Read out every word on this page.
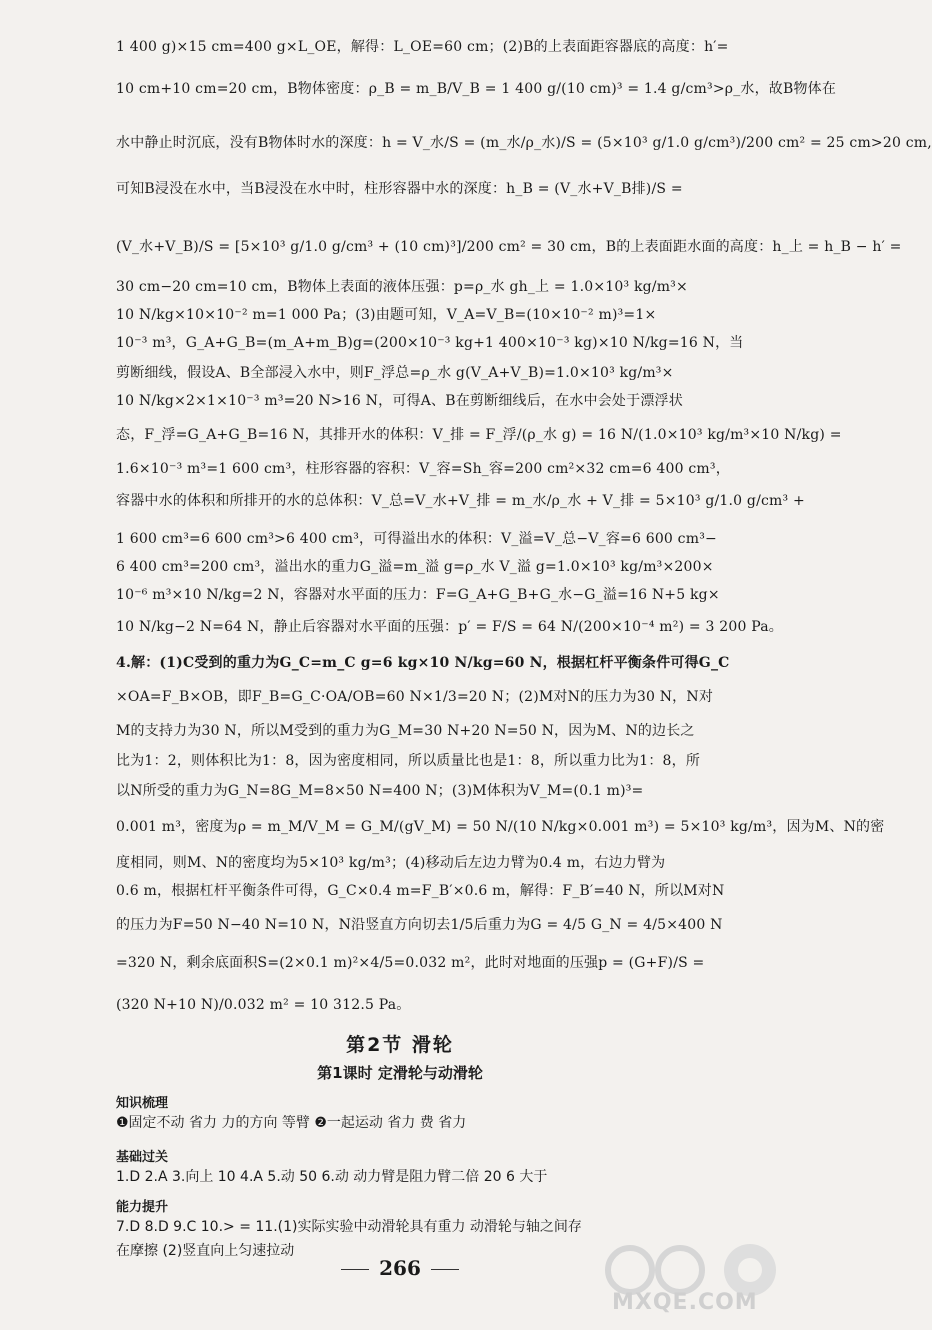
1 400 g)×15 cm=400 g×L_OE，解得：L_OE=60 cm；(2)B的上表面距容器底的高度：h′=
10 cm+10 cm=20 cm，B物体密度：ρ_B = m_B/V_B = 1 400 g/(10 cm)³ = 1.4 g/cm³>ρ_水，故B物体在
水中静止时沉底，没有B物体时水的深度：h = V_水/S = (m_水/ρ_水)/S = (5×10³ g/1.0 g/cm³)/200 cm² = 25 cm>20 cm,
可知B浸没在水中，当B浸没在水中时，柱形容器中水的深度：h_B = (V_水+V_B排)/S =
(V_水+V_B)/S = [5×10³ g/1.0 g/cm³ + (10 cm)³]/200 cm² = 30 cm，B的上表面距水面的高度：h_上 = h_B − h′ =
30 cm−20 cm=10 cm，B物体上表面的液体压强：p=ρ_水 gh_上 = 1.0×10³ kg/m³×
10 N/kg×10×10⁻² m=1 000 Pa；(3)由题可知，V_A=V_B=(10×10⁻² m)³=1×
10⁻³ m³，G_A+G_B=(m_A+m_B)g=(200×10⁻³ kg+1 400×10⁻³ kg)×10 N/kg=16 N，当
剪断细线，假设A、B全部浸入水中，则F_浮总=ρ_水 g(V_A+V_B)=1.0×10³ kg/m³×
10 N/kg×2×1×10⁻³ m³=20 N>16 N，可得A、B在剪断细线后，在水中会处于漂浮状
态，F_浮=G_A+G_B=16 N，其排开水的体积：V_排 = F_浮/(ρ_水 g) = 16 N/(1.0×10³ kg/m³×10 N/kg) =
1.6×10⁻³ m³=1 600 cm³，柱形容器的容积：V_容=Sh_容=200 cm²×32 cm=6 400 cm³，
容器中水的体积和所排开的水的总体积：V_总=V_水+V_排 = m_水/ρ_水 + V_排 = 5×10³ g/1.0 g/cm³ +
1 600 cm³=6 600 cm³>6 400 cm³，可得溢出水的体积：V_溢=V_总−V_容=6 600 cm³−
6 400 cm³=200 cm³，溢出水的重力G_溢=m_溢 g=ρ_水 V_溢 g=1.0×10³ kg/m³×200×
10⁻⁶ m³×10 N/kg=2 N，容器对水平面的压力：F=G_A+G_B+G_水−G_溢=16 N+5 kg×
10 N/kg−2 N=64 N，静止后容器对水平面的压强：p′ = F/S = 64 N/(200×10⁻⁴ m²) = 3 200 Pa。
4.解：(1)C受到的重力为G_C=m_C g=6 kg×10 N/kg=60 N，根据杠杆平衡条件可得G_C
×OA=F_B×OB，即F_B=G_C·OA/OB=60 N×1/3=20 N；(2)M对N的压力为30 N，N对
M的支持力为30 N，所以M受到的重力为G_M=30 N+20 N=50 N，因为M、N的边长之
比为1：2，则体积比为1：8，因为密度相同，所以质量比也是1：8，所以重力比为1：8，所
以N所受的重力为G_N=8G_M=8×50 N=400 N；(3)M体积为V_M=(0.1 m)³=
0.001 m³，密度为ρ = m_M/V_M = G_M/(gV_M) = 50 N/(10 N/kg×0.001 m³) = 5×10³ kg/m³，因为M、N的密
度相同，则M、N的密度均为5×10³ kg/m³；(4)移动后左边力臂为0.4 m，右边力臂为
0.6 m，根据杠杆平衡条件可得，G_C×0.4 m=F_B′×0.6 m，解得：F_B′=40 N，所以M对N
的压力为F=50 N−40 N=10 N，N沿竖直方向切去1/5后重力为G = 4/5 G_N = 4/5×400 N
=320 N，剩余底面积S=(2×0.1 m)²×4/5=0.032 m²，此时对地面的压强p = (G+F)/S =
(320 N+10 N)/0.032 m² = 10 312.5 Pa。
第2节 滑轮
第1课时 定滑轮与动滑轮
知识梳理
❶固定不动 省力 力的方向 等臂 ❷一起运动 省力 费 省力
基础过关
1.D 2.A 3.向上 10 4.A 5.动 50 6.动 动力臂是阻力臂二倍 20 6 大于
能力提升
7.D 8.D 9.C 10.> = 11.(1)实际实验中动滑轮具有重力 动滑轮与轴之间存
在摩擦 (2)竖直向上匀速拉动
266
MXQE.COM
